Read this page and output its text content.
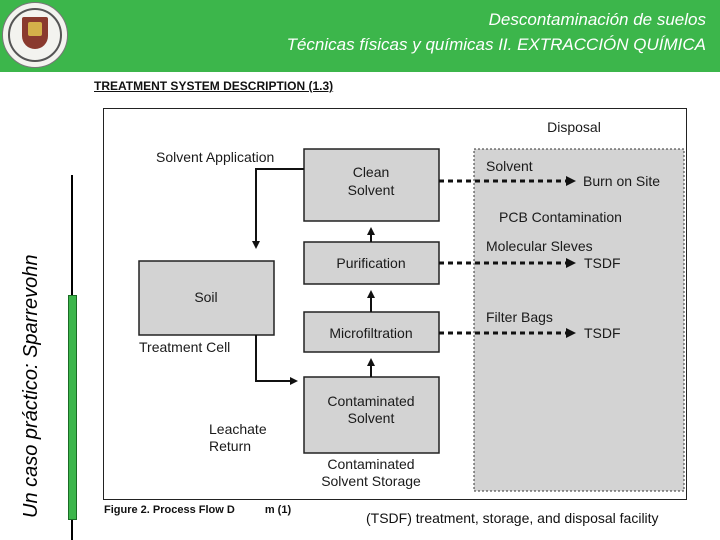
Descontaminación de suelos
Técnicas físicas y químicas II. EXTRACCIÓN QUÍMICA
Un caso práctico: Sparrevohn
TREATMENT SYSTEM DESCRIPTION (1.3)
Disposal
Clean
Solvent
Purification
Microfiltration
Contaminated
Solvent
Soil
Treatment Cell
Solvent Application
Leachate
Return
Contaminated
Solvent Storage
Solvent
Burn on Site
PCB Contamination
Molecular Sleves
TSDF
Filter Bags
TSDF
Figure 2. Process Flow D	m (1)	(TSDF) treatment, storage, and disposal facility
